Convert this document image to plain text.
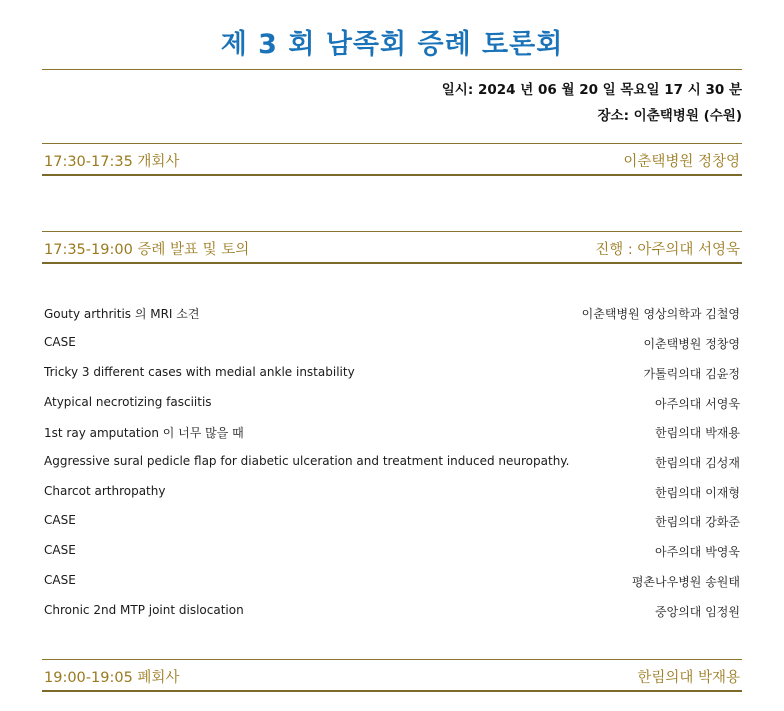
제 3 회 남족회 증례 토론회
일시: 2024 년 06 월 20 일 목요일 17 시 30 분
장소: 이춘택병원 (수원)
17:30-17:35 개회사	이춘택병원 정창영
17:35-19:00 증례 발표 및 토의	진행 : 아주의대 서영욱
Gouty arthritis 의 MRI 소견	이춘택병원 영상의학과 김철영
CASE	이춘택병원 정창영
Tricky 3 different cases with medial ankle instability	가톨릭의대 김윤정
Atypical necrotizing fasciitis	아주의대 서영욱
1st ray amputation 이 너무 많을 때	한림의대 박재용
Aggressive sural pedicle flap for diabetic ulceration and treatment induced neuropathy.	한림의대 김성재
Charcot arthropathy	한림의대 이재형
CASE	한림의대 강화준
CASE	아주의대 박영욱
CASE	평촌나우병원 송원태
Chronic 2nd MTP joint dislocation	중앙의대 임정원
19:00-19:05 폐회사	한림의대 박재용
